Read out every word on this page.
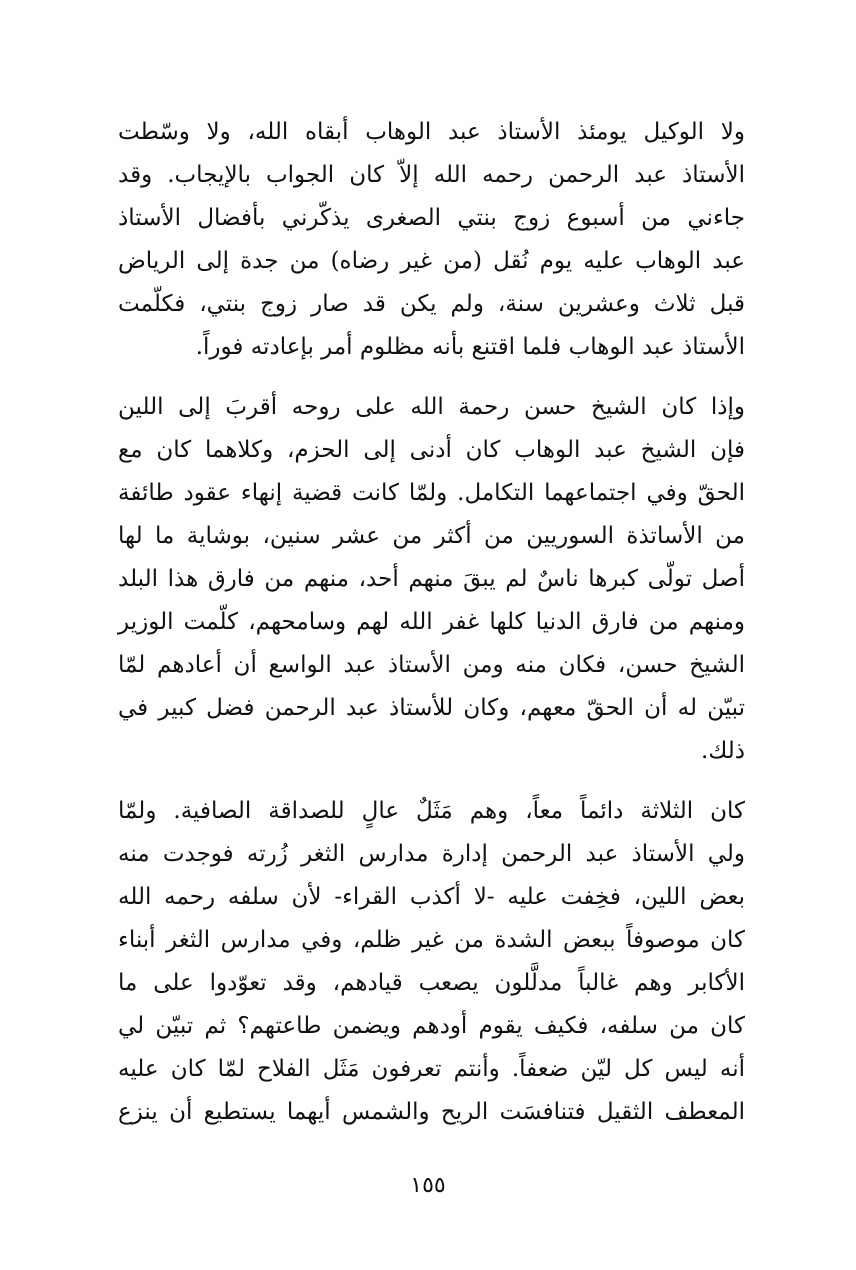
ولا الوكيل يومئذ الأستاذ عبد الوهاب أبقاه الله، ولا وسّطت
الأستاذ عبد الرحمن رحمه الله إلاّ كان الجواب بالإيجاب. وقد
جاءني من أسبوع زوج بنتي الصغرى يذكّرني بأفضال الأستاذ
عبد الوهاب عليه يوم نُقل (من غير رضاه) من جدة إلى الرياض
قبل ثلاث وعشرين سنة، ولم يكن قد صار زوج بنتي، فكلّمت
الأستاذ عبد الوهاب فلما اقتنع بأنه مظلوم أمر بإعادته فوراً.
وإذا كان الشيخ حسن رحمة الله على روحه أقربَ إلى اللين
فإن الشيخ عبد الوهاب كان أدنى إلى الحزم، وكلاهما كان مع
الحقّ وفي اجتماعهما التكامل. ولمّا كانت قضية إنهاء عقود طائفة
من الأساتذة السوريين من أكثر من عشر سنين، بوشاية ما لها
أصل تولّى كبرها ناسٌ لم يبقَ منهم أحد، منهم من فارق هذا البلد
ومنهم من فارق الدنيا كلها غفر الله لهم وسامحهم، كلّمت الوزير
الشيخ حسن، فكان منه ومن الأستاذ عبد الواسع أن أعادهم لمّا
تبيّن له أن الحقّ معهم، وكان للأستاذ عبد الرحمن فضل كبير في
ذلك.
كان الثلاثة دائماً معاً، وهم مَثَلٌ عالٍ للصداقة الصافية. ولمّا
ولي الأستاذ عبد الرحمن إدارة مدارس الثغر زُرته فوجدت منه
بعض اللين، فخِفت عليه -لا أكذب القراء- لأن سلفه رحمه الله
كان موصوفاً ببعض الشدة من غير ظلم، وفي مدارس الثغر أبناء
الأكابر وهم غالباً مدلَّلون يصعب قيادهم، وقد تعوّدوا على ما
كان من سلفه، فكيف يقوم أودهم ويضمن طاعتهم؟ ثم تبيّن لي
أنه ليس كل ليّن ضعفاً. وأنتم تعرفون مَثَل الفلاح لمّا كان عليه
المعطف الثقيل فتنافسَت الريح والشمس أيهما يستطيع أن ينزع
١٥٥
